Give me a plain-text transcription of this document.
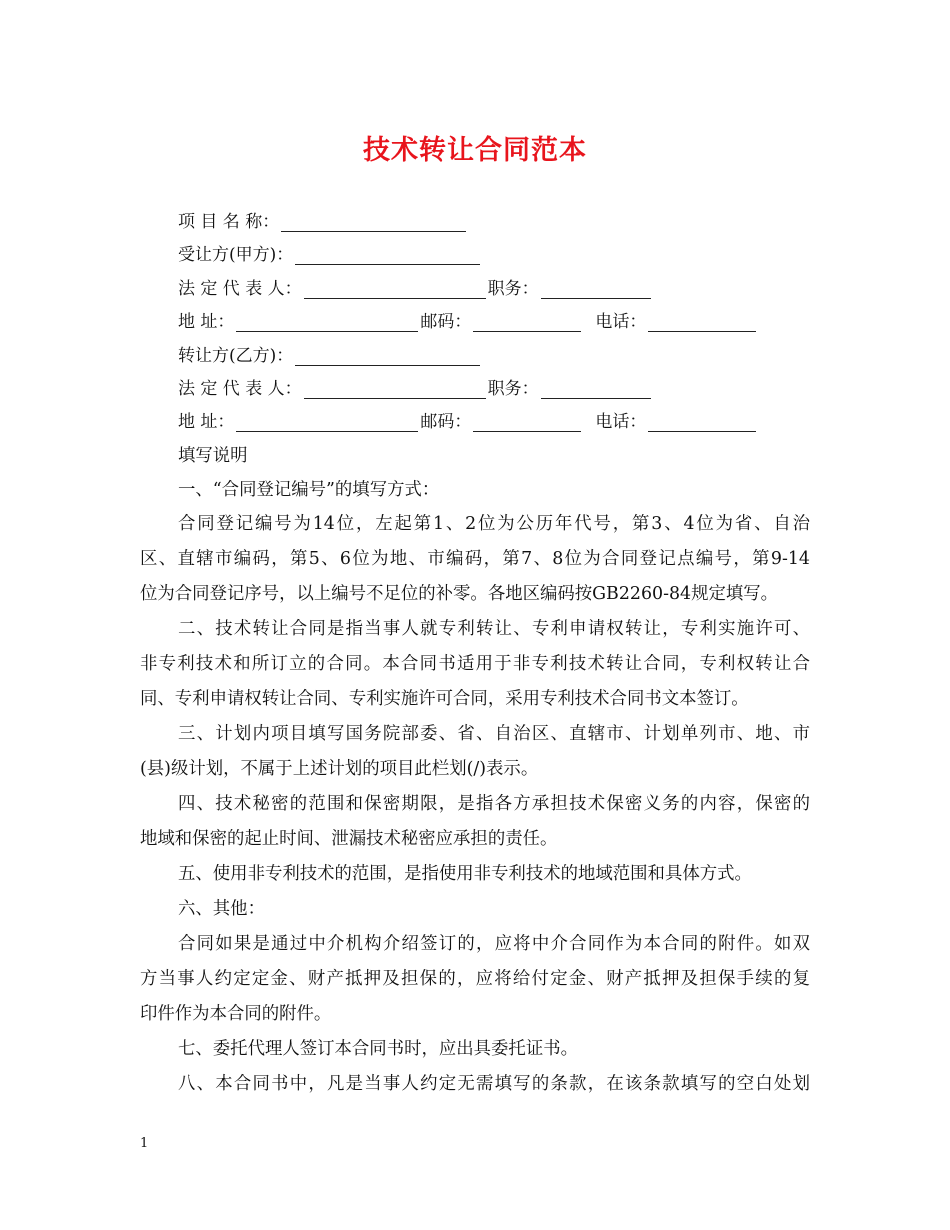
技术转让合同范本
项 目 名 称：
受让方(甲方)：
法 定 代 表 人：	职务：
地 址：	邮码：	电话：
转让方(乙方)：
法 定 代 表 人：	职务：
地 址：	邮码：	电话：
填写说明
一、“合同登记编号”的填写方式：
合同登记编号为14位，左起第1、2位为公历年代号，第3、4位为省、自治
区、直辖市编码，第5、6位为地、市编码，第7、8位为合同登记点编号，第9-14
位为合同登记序号，以上编号不足位的补零。各地区编码按GB2260-84规定填写。
二、技术转让合同是指当事人就专利转让、专利申请权转让，专利实施许可、
非专利技术和所订立的合同。本合同书适用于非专利技术转让合同，专利权转让合
同、专利申请权转让合同、专利实施许可合同，采用专利技术合同书文本签订。
三、计划内项目填写国务院部委、省、自治区、直辖市、计划单列市、地、市
(县)级计划，不属于上述计划的项目此栏划(/)表示。
四、技术秘密的范围和保密期限，是指各方承担技术保密义务的内容，保密的
地域和保密的起止时间、泄漏技术秘密应承担的责任。
五、使用非专利技术的范围，是指使用非专利技术的地域范围和具体方式。
六、其他：
合同如果是通过中介机构介绍签订的，应将中介合同作为本合同的附件。如双
方当事人约定定金、财产抵押及担保的，应将给付定金、财产抵押及担保手续的复
印件作为本合同的附件。
七、委托代理人签订本合同书时，应出具委托证书。
八、本合同书中，凡是当事人约定无需填写的条款，在该条款填写的空白处划
1
